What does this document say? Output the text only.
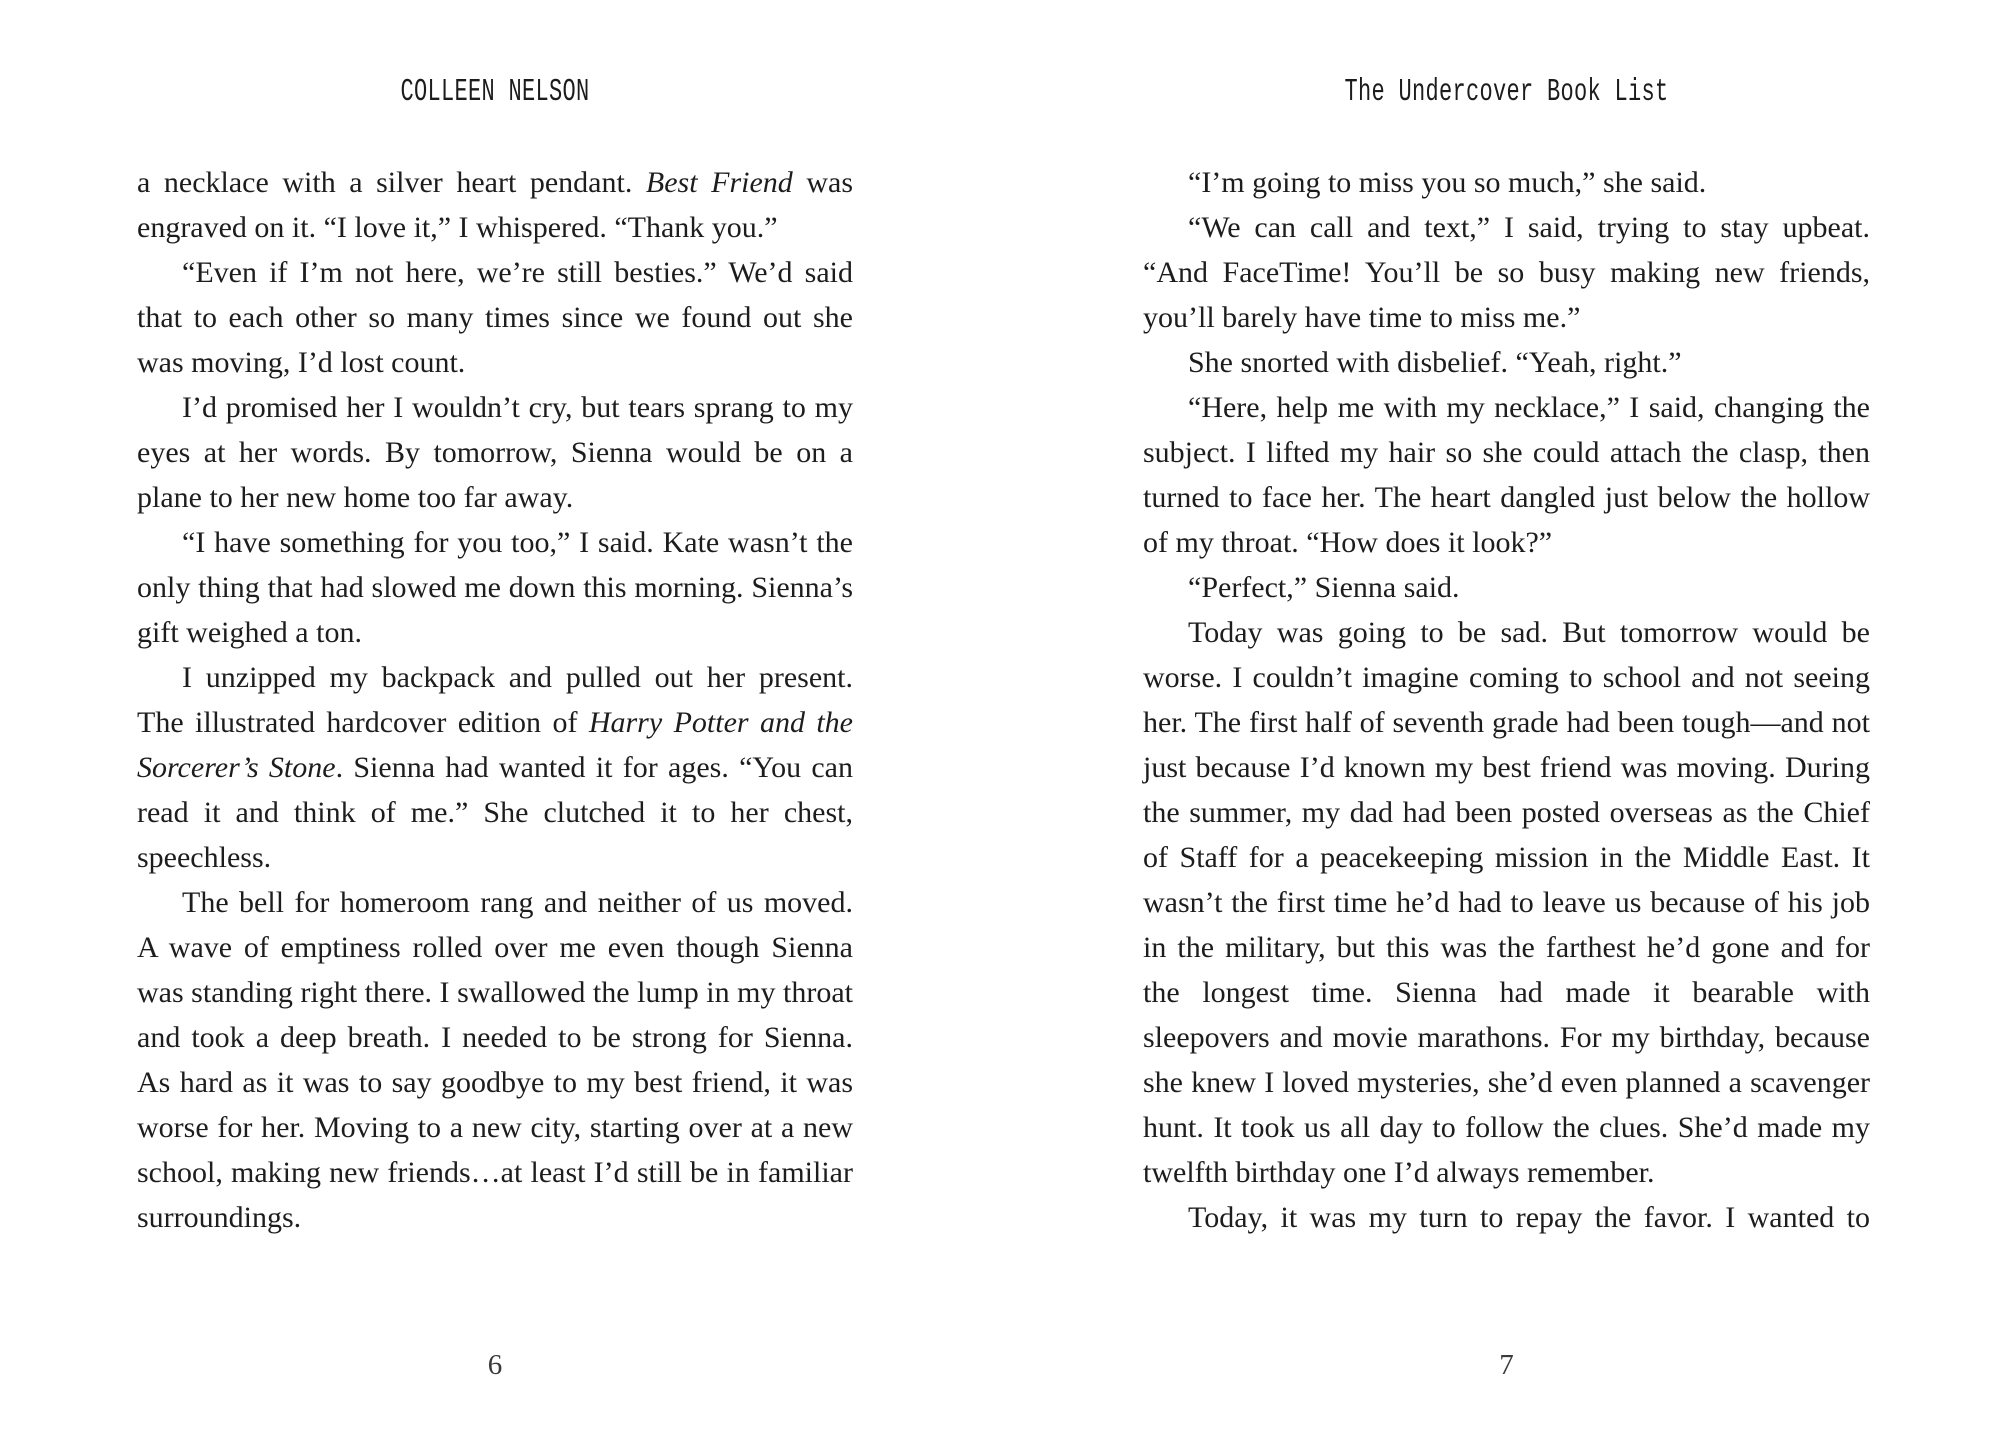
COLLEEN NELSON

a necklace with a silver heart pendant. Best Friend was engraved on it. “I love it,” I whispered. “Thank you.”

“Even if I’m not here, we’re still besties.” We’d said that to each other so many times since we found out she was moving, I’d lost count.

I’d promised her I wouldn’t cry, but tears sprang to my eyes at her words. By tomorrow, Sienna would be on a plane to her new home too far away.

“I have something for you too,” I said. Kate wasn’t the only thing that had slowed me down this morning. Sienna’s gift weighed a ton.

I unzipped my backpack and pulled out her present. The illustrated hardcover edition of Harry Potter and the Sorcerer’s Stone. Sienna had wanted it for ages. “You can read it and think of me.” She clutched it to her chest, speechless.

The bell for homeroom rang and neither of us moved. A wave of emptiness rolled over me even though Sienna was standing right there. I swallowed the lump in my throat and took a deep breath. I needed to be strong for Sienna. As hard as it was to say goodbye to my best friend, it was worse for her. Moving to a new city, starting over at a new school, making new friends…at least I’d still be in familiar surroundings.

6
The Undercover Book List

“I’m going to miss you so much,” she said.

“We can call and text,” I said, trying to stay upbeat. “And FaceTime! You’ll be so busy making new friends, you’ll barely have time to miss me.”

She snorted with disbelief. “Yeah, right.”

“Here, help me with my necklace,” I said, changing the subject. I lifted my hair so she could attach the clasp, then turned to face her. The heart dangled just below the hollow of my throat. “How does it look?”

“Perfect,” Sienna said.

Today was going to be sad. But tomorrow would be worse. I couldn’t imagine coming to school and not seeing her. The first half of seventh grade had been tough—and not just because I’d known my best friend was moving. During the summer, my dad had been posted overseas as the Chief of Staff for a peacekeeping mission in the Middle East. It wasn’t the first time he’d had to leave us because of his job in the military, but this was the farthest he’d gone and for the longest time. Sienna had made it bearable with sleepovers and movie marathons. For my birthday, because she knew I loved mysteries, she’d even planned a scavenger hunt. It took us all day to follow the clues. She’d made my twelfth birthday one I’d always remember.

Today, it was my turn to repay the favor. I wanted to

7
